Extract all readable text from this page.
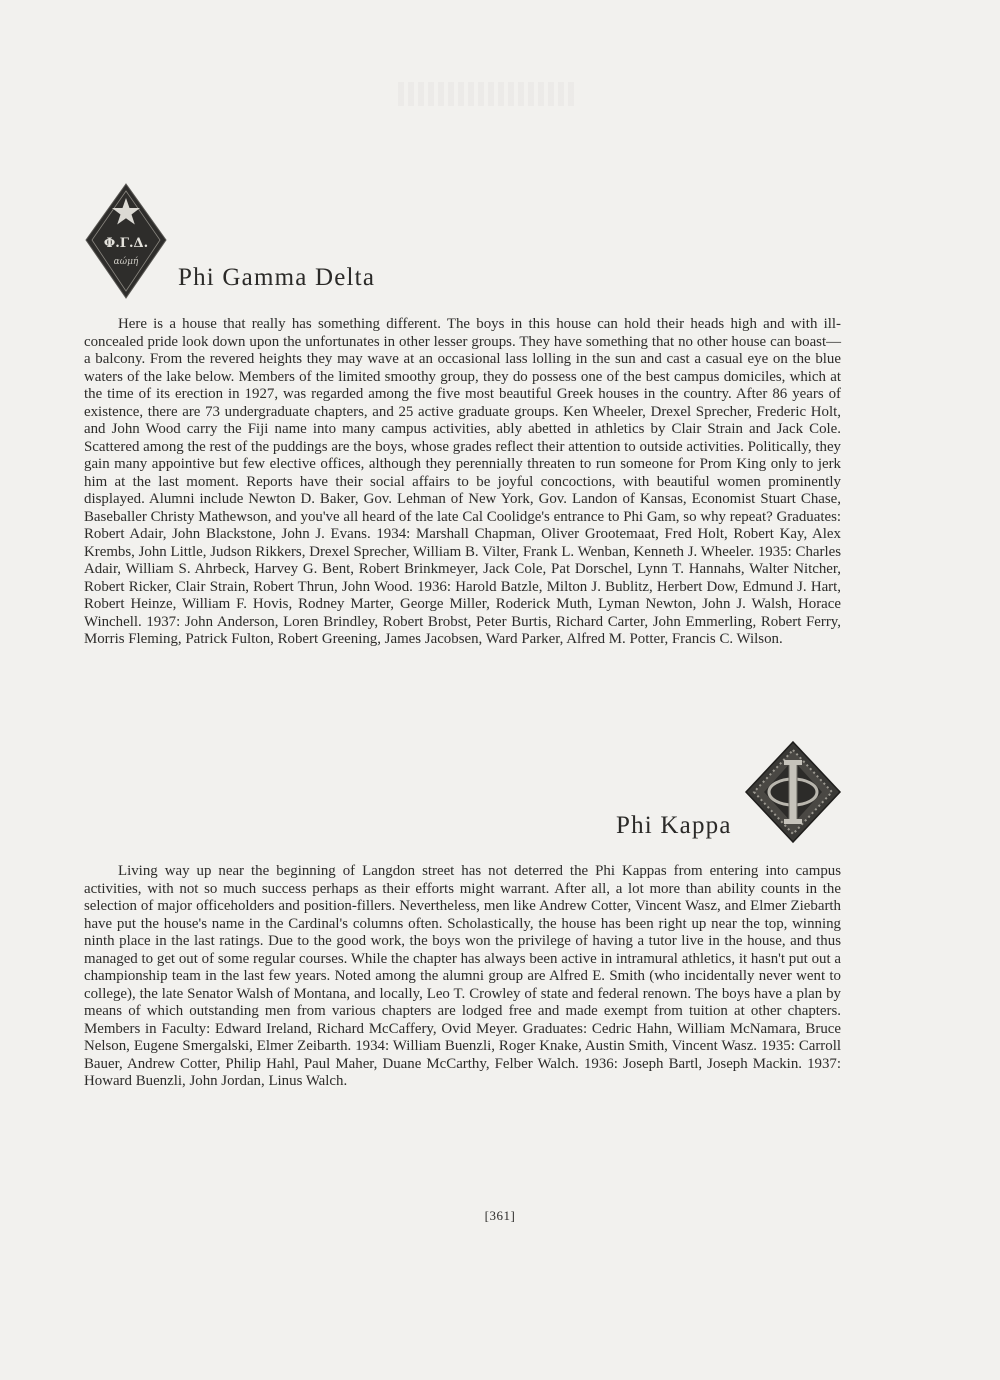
Φ.Γ.Δ.
αώμή
Phi Gamma Delta

Here is a house that really has something different. The boys in this house can hold their heads high and with ill-concealed pride look down upon the unfortunates in other lesser groups. They have something that no other house can boast—a balcony. From the revered heights they may wave at an occasional lass lolling in the sun and cast a casual eye on the blue waters of the lake below. Members of the limited smoothy group, they do possess one of the best campus domiciles, which at the time of its erection in 1927, was regarded among the five most beautiful Greek houses in the country. After 86 years of existence, there are 73 undergraduate chapters, and 25 active graduate groups. Ken Wheeler, Drexel Sprecher, Frederic Holt, and John Wood carry the Fiji name into many campus activities, ably abetted in athletics by Clair Strain and Jack Cole. Scattered among the rest of the puddings are the boys, whose grades reflect their attention to outside activities. Politically, they gain many appointive but few elective offices, although they perennially threaten to run someone for Prom King only to jerk him at the last moment. Reports have their social affairs to be joyful concoctions, with beautiful women prominently displayed. Alumni include Newton D. Baker, Gov. Lehman of New York, Gov. Landon of Kansas, Economist Stuart Chase, Baseballer Christy Mathewson, and you've all heard of the late Cal Coolidge's entrance to Phi Gam, so why repeat? Graduates: Robert Adair, John Blackstone, John J. Evans. 1934: Marshall Chapman, Oliver Grootemaat, Fred Holt, Robert Kay, Alex Krembs, John Little, Judson Rikkers, Drexel Sprecher, William B. Vilter, Frank L. Wenban, Kenneth J. Wheeler. 1935: Charles Adair, William S. Ahrbeck, Harvey G. Bent, Robert Brinkmeyer, Jack Cole, Pat Dorschel, Lynn T. Hannahs, Walter Nitcher, Robert Ricker, Clair Strain, Robert Thrun, John Wood. 1936: Harold Batzle, Milton J. Bublitz, Herbert Dow, Edmund J. Hart, Robert Heinze, William F. Hovis, Rodney Marter, George Miller, Roderick Muth, Lyman Newton, John J. Walsh, Horace Winchell. 1937: John Anderson, Loren Brindley, Robert Brobst, Peter Burtis, Richard Carter, John Emmerling, Robert Ferry, Morris Fleming, Patrick Fulton, Robert Greening, James Jacobsen, Ward Parker, Alfred M. Potter, Francis C. Wilson.

Phi Kappa

Living way up near the beginning of Langdon street has not deterred the Phi Kappas from entering into campus activities, with not so much success perhaps as their efforts might warrant. After all, a lot more than ability counts in the selection of major officeholders and position-fillers. Nevertheless, men like Andrew Cotter, Vincent Wasz, and Elmer Ziebarth have put the house's name in the Cardinal's columns often. Scholastically, the house has been right up near the top, winning ninth place in the last ratings. Due to the good work, the boys won the privilege of having a tutor live in the house, and thus managed to get out of some regular courses. While the chapter has always been active in intramural athletics, it hasn't put out a championship team in the last few years. Noted among the alumni group are Alfred E. Smith (who incidentally never went to college), the late Senator Walsh of Montana, and locally, Leo T. Crowley of state and federal renown. The boys have a plan by means of which outstanding men from various chapters are lodged free and made exempt from tuition at other chapters. Members in Faculty: Edward Ireland, Richard McCaffery, Ovid Meyer. Graduates: Cedric Hahn, William McNamara, Bruce Nelson, Eugene Smergalski, Elmer Zeibarth. 1934: William Buenzli, Roger Knake, Austin Smith, Vincent Wasz. 1935: Carroll Bauer, Andrew Cotter, Philip Hahl, Paul Maher, Duane McCarthy, Felber Walch. 1936: Joseph Bartl, Joseph Mackin. 1937: Howard Buenzli, John Jordan, Linus Walch.

[361]
